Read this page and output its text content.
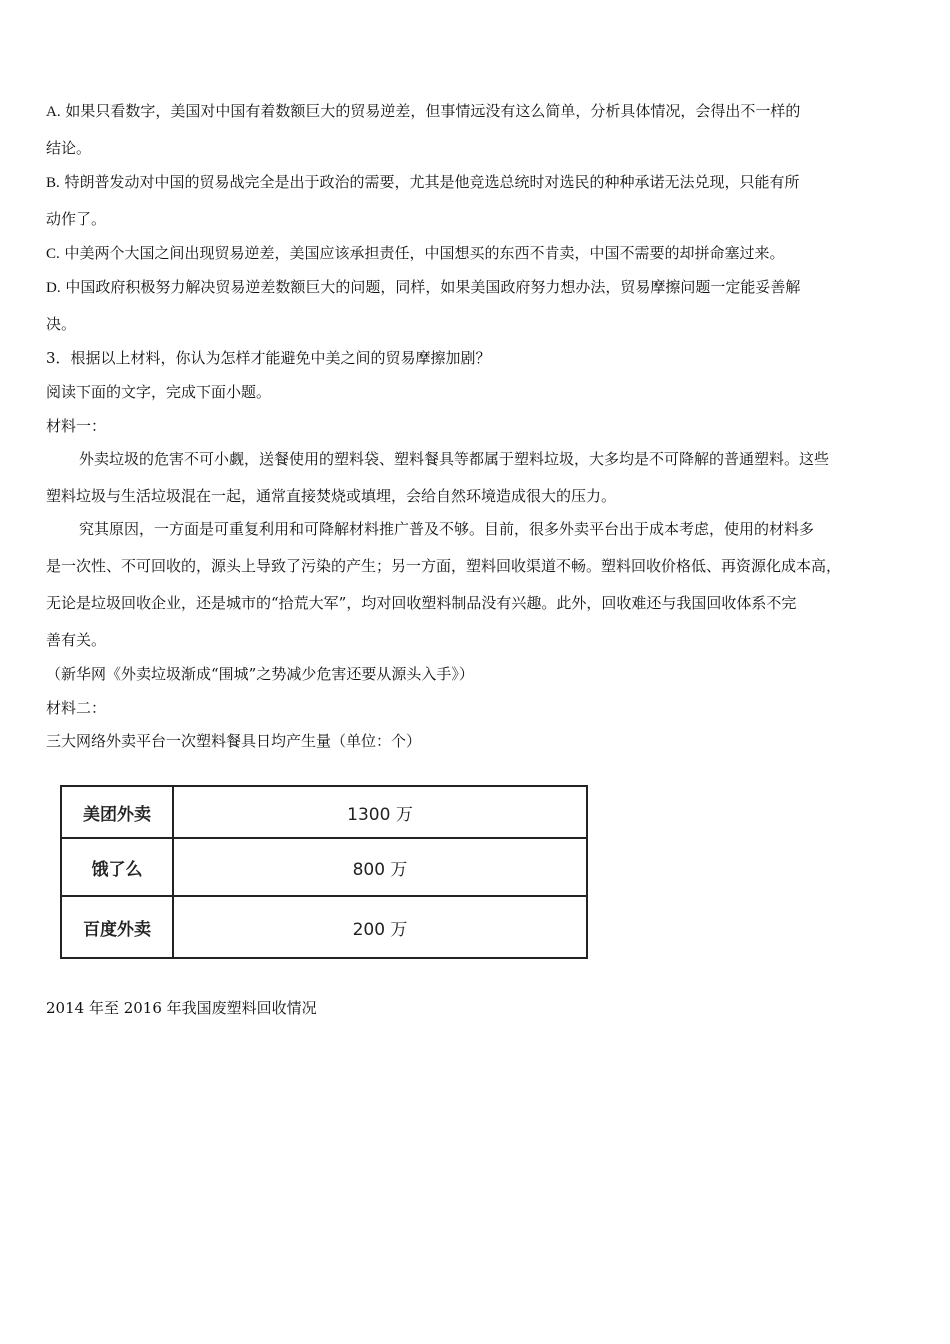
A. 如果只看数字，美国对中国有着数额巨大的贸易逆差，但事情远没有这么简单，分析具体情况，会得出不一样的
结论。
B. 特朗普发动对中国的贸易战完全是出于政治的需要，尤其是他竞选总统时对选民的种种承诺无法兑现，只能有所
动作了。
C. 中美两个大国之间出现贸易逆差，美国应该承担责任，中国想买的东西不肯卖，中国不需要的却拼命塞过来。
D. 中国政府积极努力解决贸易逆差数额巨大的问题，同样，如果美国政府努力想办法，贸易摩擦问题一定能妥善解
决。
3．根据以上材料，你认为怎样才能避免中美之间的贸易摩擦加剧？
阅读下面的文字，完成下面小题。
材料一：
外卖垃圾的危害不可小觑，送餐使用的塑料袋、塑料餐具等都属于塑料垃圾，大多均是不可降解的普通塑料。这些
塑料垃圾与生活垃圾混在一起，通常直接焚烧或填埋，会给自然环境造成很大的压力。
究其原因，一方面是可重复利用和可降解材料推广普及不够。目前，很多外卖平台出于成本考虑，使用的材料多
是一次性、不可回收的，源头上导致了污染的产生；另一方面，塑料回收渠道不畅。塑料回收价格低、再资源化成本高，
无论是垃圾回收企业，还是城市的“拾荒大军”，均对回收塑料制品没有兴趣。此外，回收难还与我国回收体系不完
善有关。
（新华网《外卖垃圾渐成“围城”之势减少危害还要从源头入手》）
材料二：
三大网络外卖平台一次塑料餐具日均产生量（单位：个）
美团外卖	1300 万
饿了么	800 万
百度外卖	200 万
2014 年至 2016 年我国废塑料回收情况
